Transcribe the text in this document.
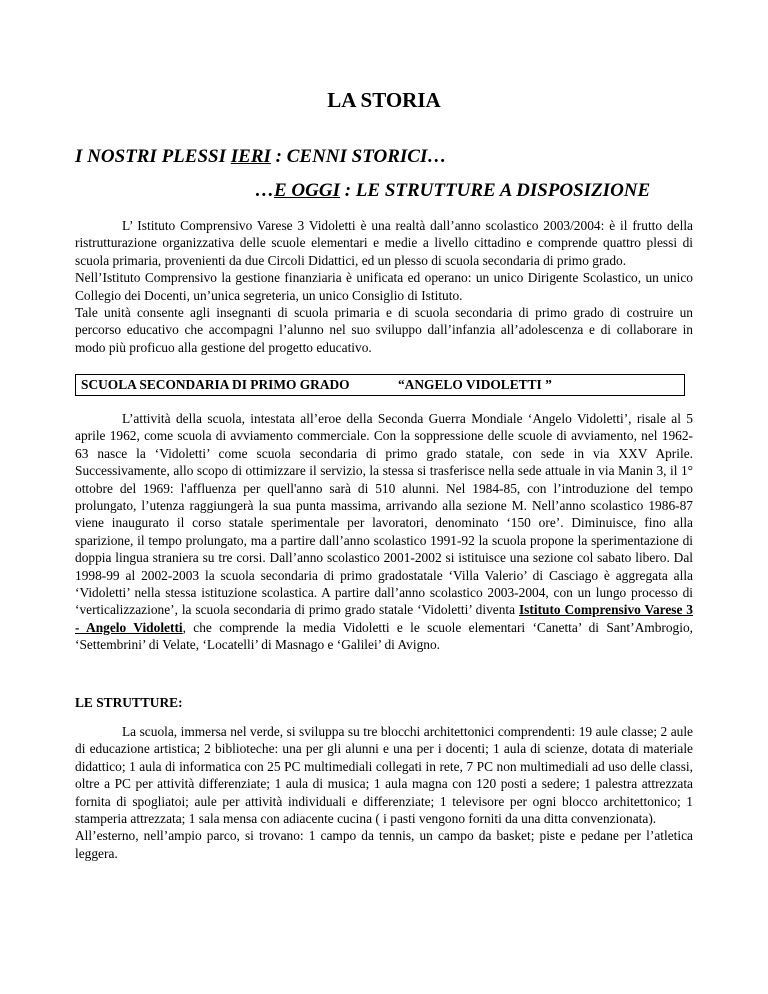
LA STORIA
I NOSTRI PLESSI IERI : CENNI STORICI…
…E OGGI : LE STRUTTURE A DISPOSIZIONE

L’ Istituto Comprensivo Varese 3 Vidoletti è una realtà dall’anno scolastico 2003/2004: è il frutto della ristrutturazione organizzativa delle scuole elementari e medie a livello cittadino e comprende quattro plessi di scuola primaria, provenienti da due Circoli Didattici, ed un plesso di scuola secondaria di primo grado.

Nell’Istituto Comprensivo la gestione finanziaria è unificata ed operano: un unico Dirigente Scolastico, un unico Collegio dei Docenti, un’unica segreteria, un unico Consiglio di Istituto.

Tale unità consente agli insegnanti di scuola primaria e di scuola secondaria di primo grado di costruire un percorso educativo che accompagni l’alunno nel suo sviluppo dall’infanzia all’adolescenza e di collaborare in modo più proficuo alla gestione del progetto educativo.

SCUOLA SECONDARIA DI PRIMO GRADO	“ANGELO VIDOLETTI ”

L’attività della scuola, intestata all’eroe della Seconda Guerra Mondiale ‘Angelo Vidoletti’, risale al 5 aprile 1962, come scuola di avviamento commerciale. Con la soppressione delle scuole di avviamento, nel 1962-63 nasce la ‘Vidoletti’ come scuola secondaria di primo grado statale, con sede in via XXV Aprile. Successivamente, allo scopo di ottimizzare il servizio, la stessa si trasferisce nella sede attuale in via Manin 3, il 1° ottobre del 1969: l'affluenza per quell'anno sarà di 510 alunni. Nel 1984-85, con l’introduzione del tempo prolungato, l’utenza raggiungerà la sua punta massima, arrivando alla sezione M. Nell’anno scolastico 1986-87 viene inaugurato il corso statale sperimentale per lavoratori, denominato ‘150 ore’. Diminuisce, fino alla sparizione, il tempo prolungato, ma a partire dall’anno scolastico 1991-92 la scuola propone la sperimentazione di doppia lingua straniera su tre corsi. Dall’anno scolastico 2001-2002 si istituisce una sezione col sabato libero. Dal 1998-99 al 2002-2003 la scuola secondaria di primo gradostatale ‘Villa Valerio’ di Casciago è aggregata alla ‘Vidoletti’ nella stessa istituzione scolastica. A partire dall’anno scolastico 2003-2004, con un lungo processo di ‘verticalizzazione’, la scuola secondaria di primo grado statale ‘Vidoletti’ diventa Istituto Comprensivo Varese 3 - Angelo Vidoletti, che comprende la media Vidoletti e le scuole elementari ‘Canetta’ di Sant’Ambrogio, ‘Settembrini’ di Velate, ‘Locatelli’ di Masnago e ‘Galilei’ di Avigno.

LE STRUTTURE:

La scuola, immersa nel verde, si sviluppa su tre blocchi architettonici comprendenti: 19 aule classe; 2 aule di educazione artistica; 2 biblioteche: una per gli alunni e una per i docenti; 1 aula di scienze, dotata di materiale didattico; 1 aula di informatica con 25 PC multimediali collegati in rete, 7 PC non multimediali ad uso delle classi, oltre a PC per attività differenziate; 1 aula di musica; 1 aula magna con 120 posti a sedere; 1 palestra attrezzata fornita di spogliatoi; aule per attività individuali e differenziate; 1 televisore per ogni blocco architettonico; 1 stamperia attrezzata; 1 sala mensa con adiacente cucina ( i pasti vengono forniti da una ditta convenzionata).

All’esterno, nell’ampio parco, si trovano: 1 campo da tennis, un campo da basket; piste e pedane per l’atletica leggera.
